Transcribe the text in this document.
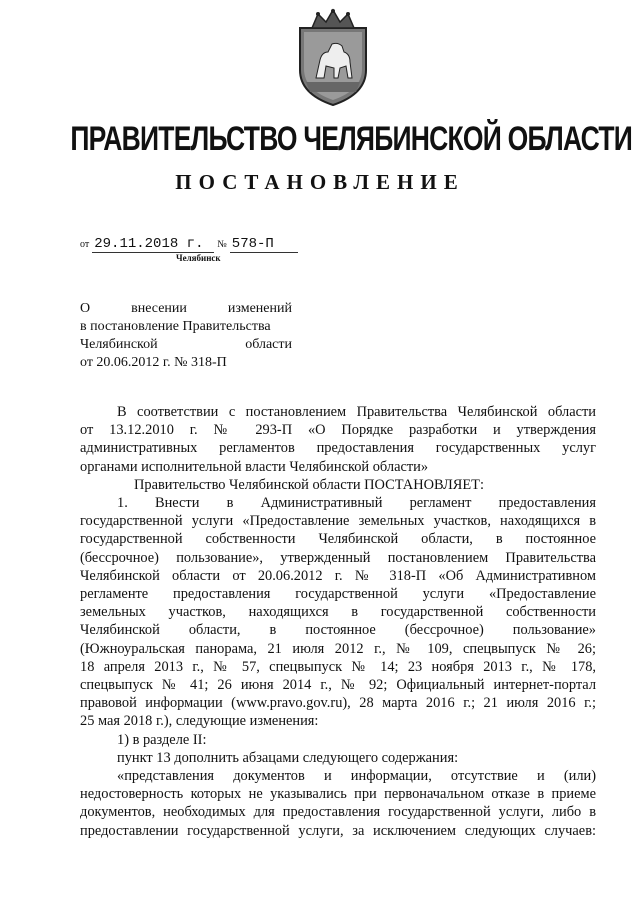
ПРАВИТЕЛЬСТВО ЧЕЛЯБИНСКОЙ ОБЛАСТИ
ПОСТАНОВЛЕНИЕ
от 29.11.2018 г. № 578-П
Челябинск
О внесении изменений
в постановление Правительства
Челябинской области
от 20.06.2012 г. № 318-П

В соответствии с постановлением Правительства Челябинской области

от 13.12.2010 г. № 293-П «О Порядке разработки и утверждения

административных регламентов предоставления государственных услуг

органами исполнительной власти Челябинской области»

Правительство Челябинской области ПОСТАНОВЛЯЕТ:

1. Внести в Административный регламент предоставления

государственной услуги «Предоставление земельных участков, находящихся в

государственной собственности Челябинской области, в постоянное

(бессрочное) пользование», утвержденный постановлением Правительства

Челябинской области от 20.06.2012 г. № 318-П «Об Административном

регламенте предоставления государственной услуги «Предоставление

земельных участков, находящихся в государственной собственности

Челябинской области, в постоянное (бессрочное) пользование»

(Южноуральская панорама, 21 июля 2012 г., № 109, спецвыпуск № 26;

18 апреля 2013 г., № 57, спецвыпуск № 14; 23 ноября 2013 г., № 178,

спецвыпуск № 41; 26 июня 2014 г., № 92; Официальный интернет-портал

правовой информации (www.pravo.gov.ru), 28 марта 2016 г.; 21 июля 2016 г.;

25 мая 2018 г.), следующие изменения:

1) в разделе II:

пункт 13 дополнить абзацами следующего содержания:

«представления документов и информации, отсутствие и (или)

недостоверность которых не указывались при первоначальном отказе в приеме

документов, необходимых для предоставления государственной услуги, либо в

предоставлении государственной услуги, за исключением следующих случаев:
